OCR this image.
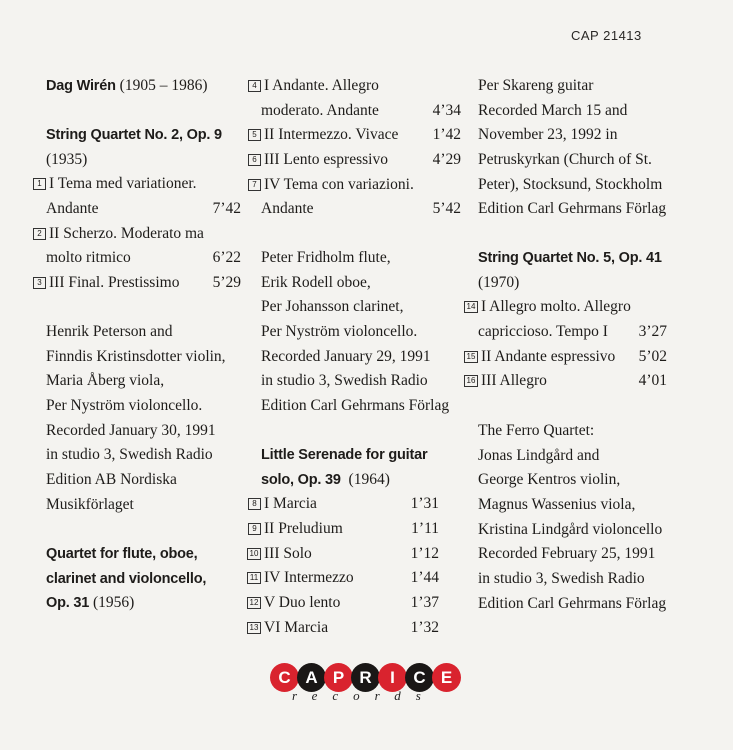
CAP 21413
Dag Wirén (1905 – 1986)
String Quartet No. 2, Op. 9
(1935)
1 I Tema med variationer.
Andante	7’42
2 II Scherzo. Moderato ma
molto ritmico	6’22
3 III Final. Prestissimo 5’29
Henrik Peterson and
Finndis Kristinsdotter violin,
Maria Åberg viola,
Per Nyström violoncello.
Recorded January 30, 1991
in studio 3, Swedish Radio
Edition AB Nordiska
Musikförlaget
Quartet for flute, oboe,
clarinet and violoncello,
Op. 31 (1956)
4 I Andante. Allegro
moderato. Andante	4’34
5 II Intermezzo. Vivace 1’42
6 III Lento espressivo	4’29
7 IV Tema con variazioni.
Andante	5’42
Peter Fridholm flute,
Erik Rodell oboe,
Per Johansson clarinet,
Per Nyström violoncello.
Recorded January 29, 1991
in studio 3, Swedish Radio
Edition Carl Gehrmans Förlag
Little Serenade for guitar
solo, Op. 39 (1964)
8 I Marcia	1’31
9 II Preludium	1’11
10 III Solo	1’12
11 IV Intermezzo	1’44
12 V Duo lento	1’37
13 VI Marcia	1’32
Per Skareng guitar
Recorded March 15 and
November 23, 1992 in
Petruskyrkan (Church of St.
Peter), Stocksund, Stockholm
Edition Carl Gehrmans Förlag
String Quartet No. 5, Op. 41
(1970)
14 I Allegro molto. Allegro
capriccioso. Tempo I 3’27
15 II Andante espressivo 5’02
16 III Allegro	4’01
The Ferro Quartet:
Jonas Lindgård and
George Kentros violin,
Magnus Wassenius viola,
Kristina Lindgård violoncello
Recorded February 25, 1991
in studio 3, Swedish Radio
Edition Carl Gehrmans Förlag
C A P R	I	C E
records
